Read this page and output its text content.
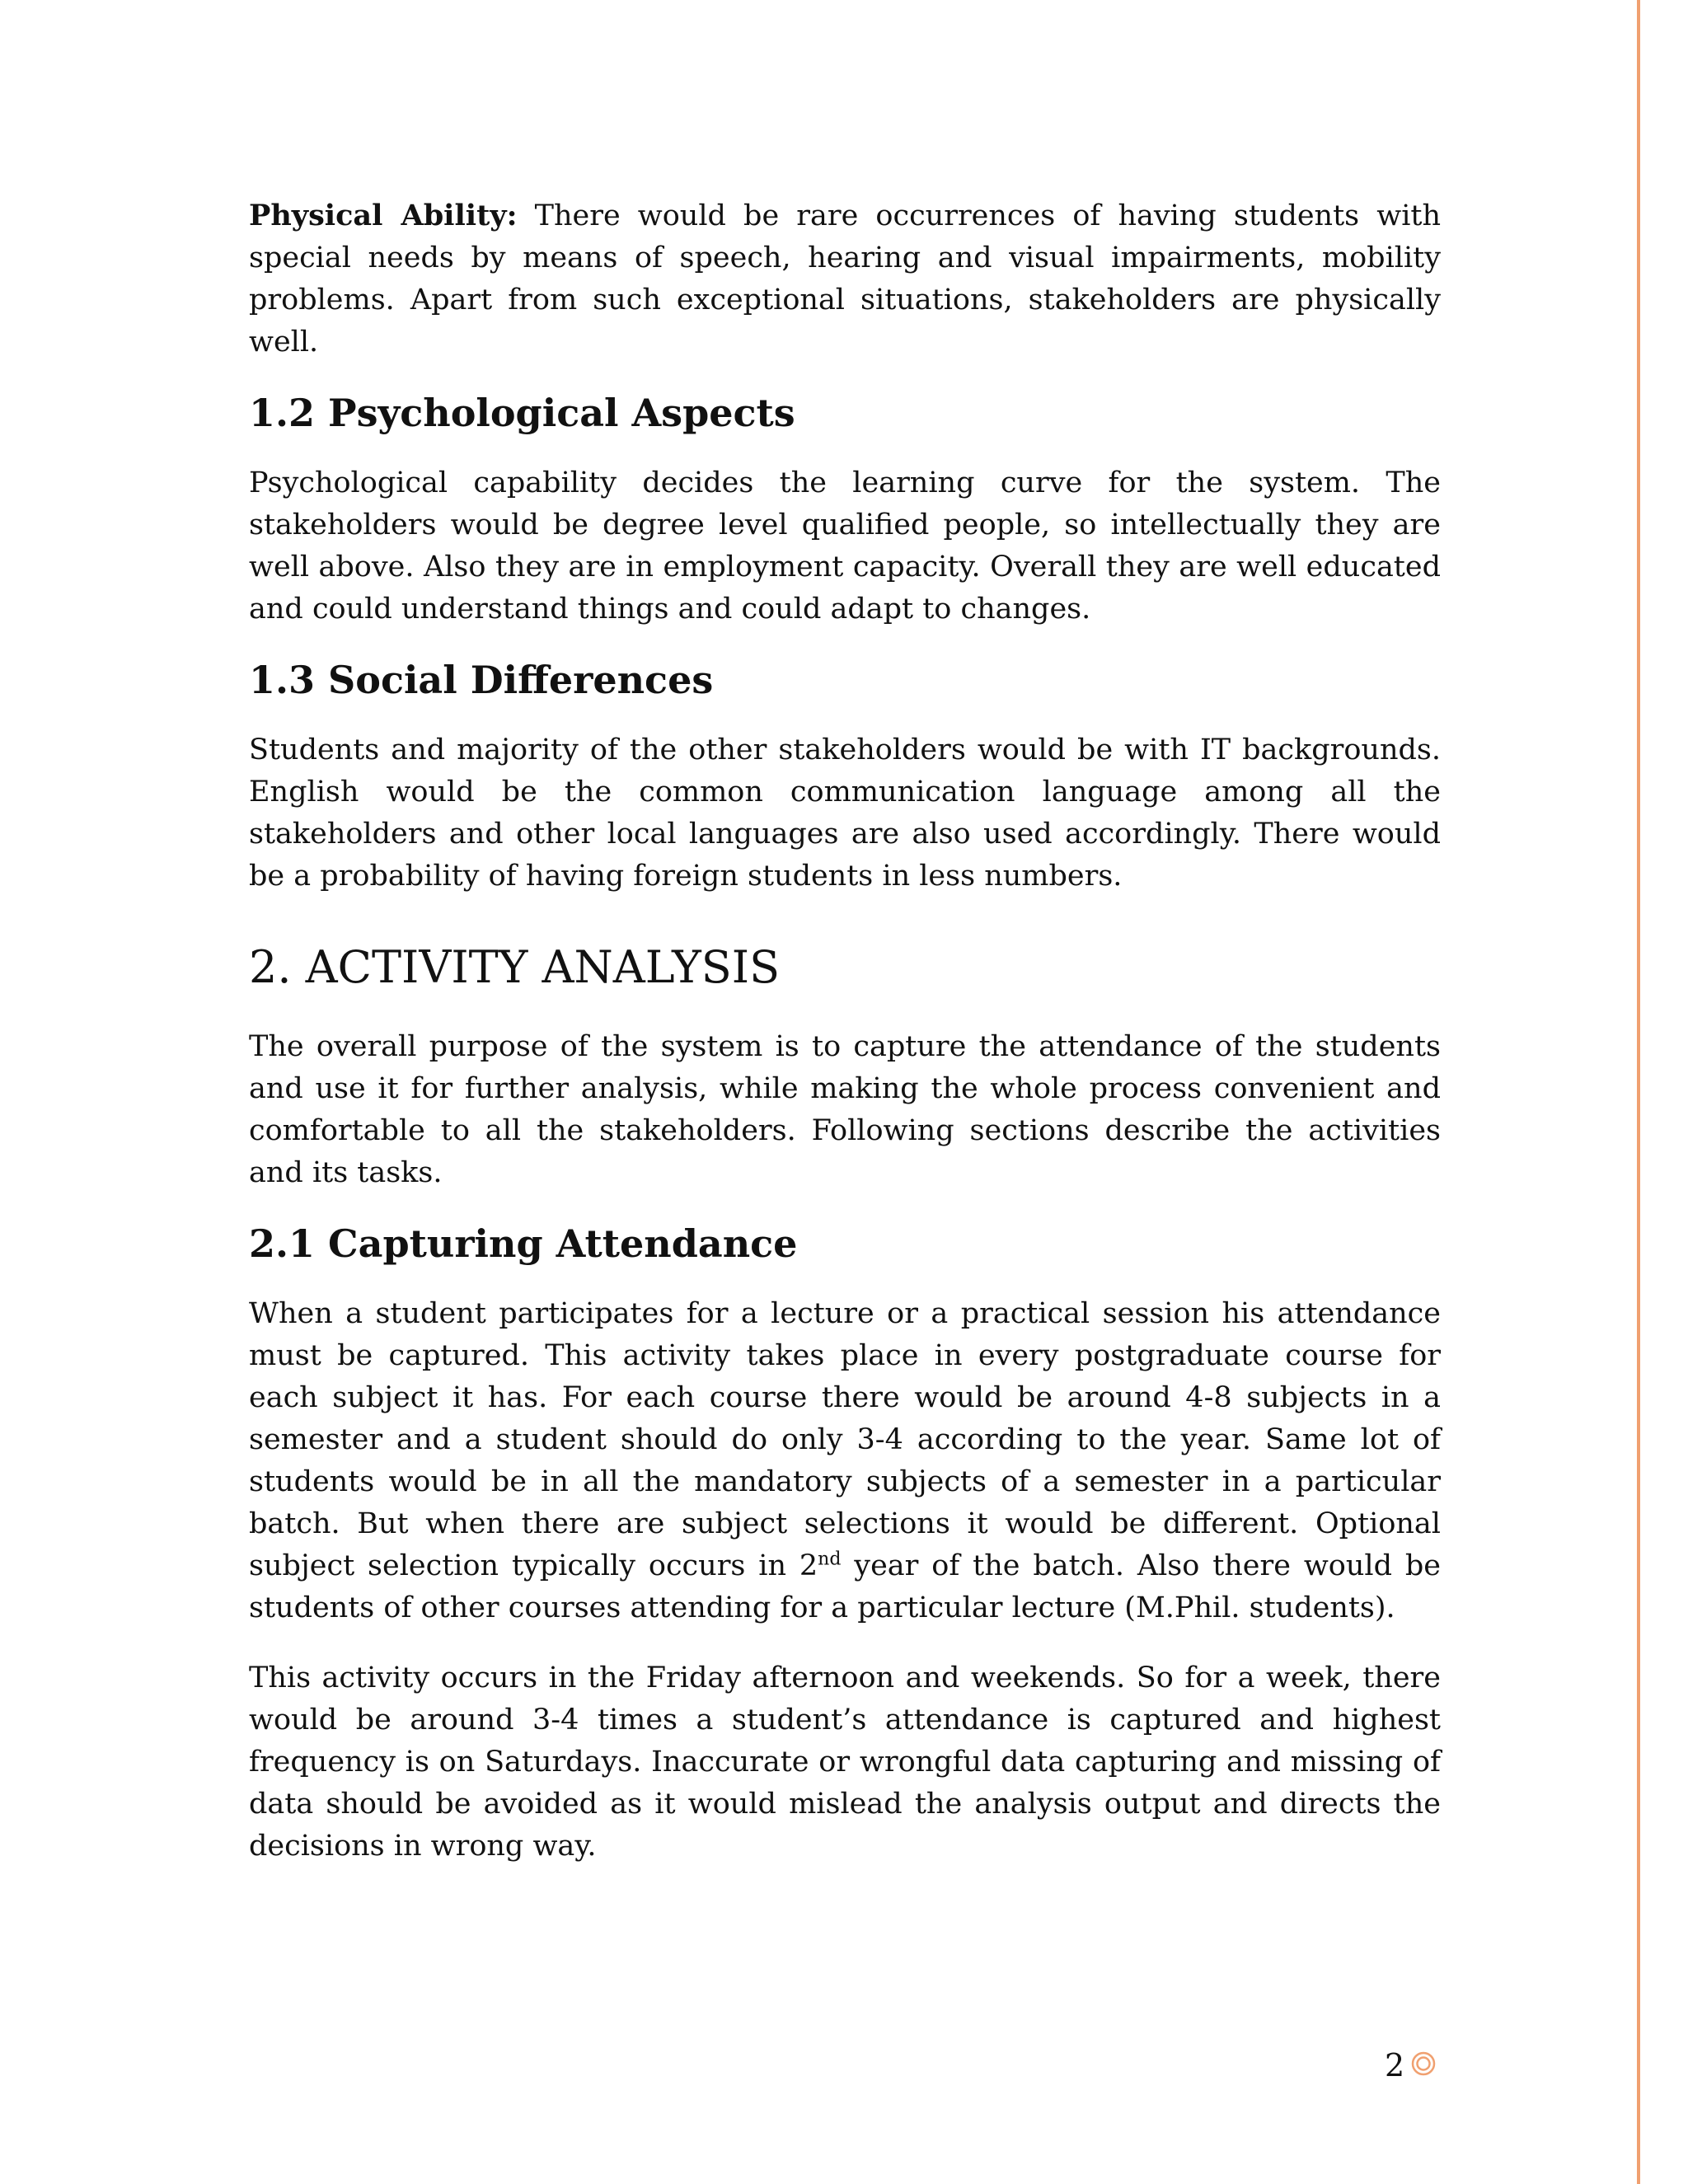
Physical Ability: There would be rare occurrences of having students with special needs by means of speech, hearing and visual impairments, mobility problems. Apart from such exceptional situations, stakeholders are physically well.

1.2 Psychological Aspects

Psychological capability decides the learning curve for the system. The stakeholders would be degree level qualified people, so intellectually they are well above. Also they are in employment capacity. Overall they are well educated and could understand things and could adapt to changes.

1.3 Social Differences

Students and majority of the other stakeholders would be with IT backgrounds. English would be the common communication language among all the stakeholders and other local languages are also used accordingly. There would be a probability of having foreign students in less numbers.

2. ACTIVITY ANALYSIS

The overall purpose of the system is to capture the attendance of the students and use it for further analysis, while making the whole process convenient and comfortable to all the stakeholders. Following sections describe the activities and its tasks.

2.1 Capturing Attendance

When a student participates for a lecture or a practical session his attendance must be captured. This activity takes place in every postgraduate course for each subject it has. For each course there would be around 4-8 subjects in a semester and a student should do only 3-4 according to the year. Same lot of students would be in all the mandatory subjects of a semester in a particular batch. But when there are subject selections it would be different. Optional subject selection typically occurs in 2nd year of the batch. Also there would be students of other courses attending for a particular lecture (M.Phil. students).

This activity occurs in the Friday afternoon and weekends. So for a week, there would be around 3-4 times a student’s attendance is captured and highest frequency is on Saturdays. Inaccurate or wrongful data capturing and missing of data should be avoided as it would mislead the analysis output and directs the decisions in wrong way.

2
